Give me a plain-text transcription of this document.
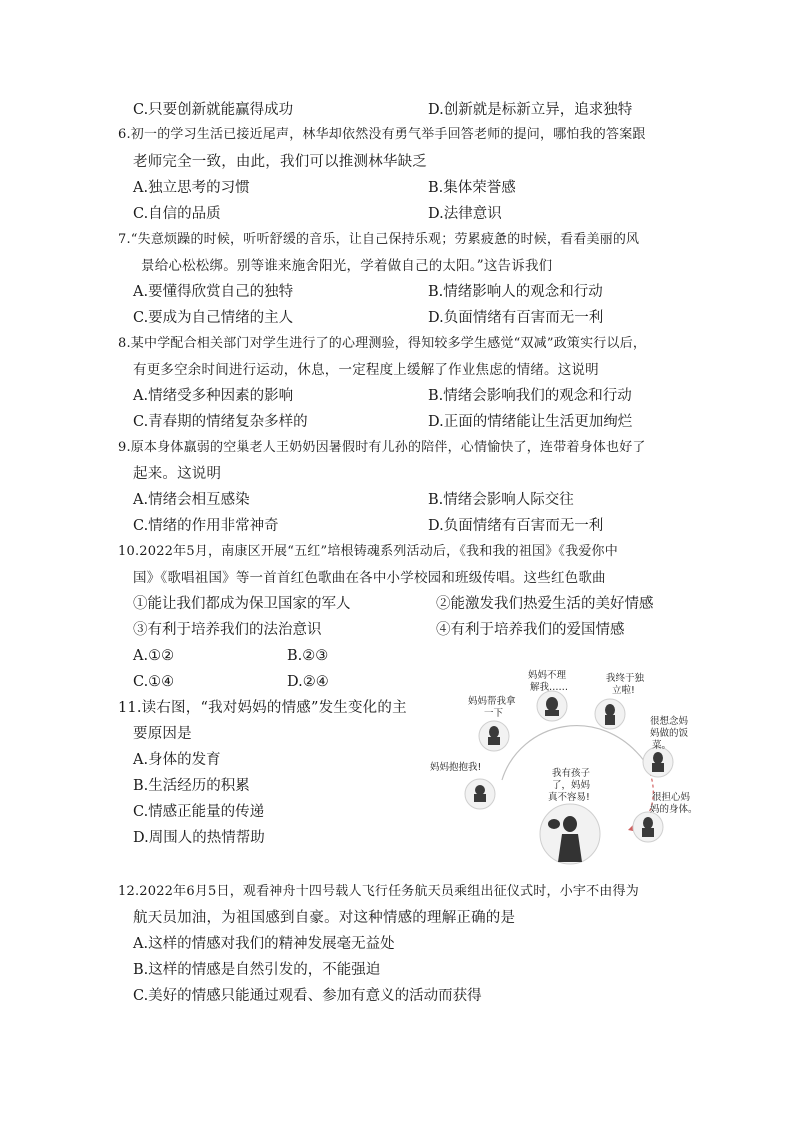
C.只要创新就能赢得成功	D.创新就是标新立异，追求独特
6.初一的学习生活已接近尾声，林华却依然没有勇气举手回答老师的提问，哪怕我的答案跟
老师完全一致，由此，我们可以推测林华缺乏
A.独立思考的习惯	B.集体荣誉感
C.自信的品质	D.法律意识
7.“失意烦躁的时候，听听舒缓的音乐，让自己保持乐观；劳累疲惫的时候，看看美丽的风
景给心松松绑。别等谁来施舍阳光，学着做自己的太阳。”这告诉我们
A.要懂得欣赏自己的独特	B.情绪影响人的观念和行动
C.要成为自己情绪的主人	D.负面情绪有百害而无一利
8.某中学配合相关部门对学生进行了的心理测验，得知较多学生感觉“双减”政策实行以后，
有更多空余时间进行运动，休息，一定程度上缓解了作业焦虑的情绪。这说明
A.情绪受多种因素的影响	B.情绪会影响我们的观念和行动
C.青春期的情绪复杂多样的	D.正面的情绪能让生活更加绚烂
9.原本身体羸弱的空巢老人王奶奶因暑假时有儿孙的陪伴，心情愉快了，连带着身体也好了
起来。这说明
A.情绪会相互感染	B.情绪会影响人际交往
C.情绪的作用非常神奇	D.负面情绪有百害而无一利
10.2022年5月，南康区开展“五红”培根铸魂系列活动后，《我和我的祖国》《我爱你中
国》《歌唱祖国》等一首首红色歌曲在各中小学校园和班级传唱。这些红色歌曲
①能让我们都成为保卫国家的军人	②能激发我们热爱生活的美好情感
③有利于培养我们的法治意识	④有利于培养我们的爱国情感
A.①②	B.②③
C.①④	D.②④
11.读右图，“我对妈妈的情感”发生变化的主
要原因是
A.身体的发育
B.生活经历的积累
C.情感正能量的传递
D.周围人的热情帮助
妈妈不理
解我……
我终于独
立啦!
妈妈帮我拿
一下
很想念妈
妈做的饭
菜。
妈妈抱抱我!
我有孩子
了，妈妈
真不容易!	很担心妈
妈的身体。
12.2022年6月5日，观看神舟十四号载人飞行任务航天员乘组出征仪式时，小宇不由得为
航天员加油，为祖国感到自豪。对这种情感的理解正确的是
A.这样的情感对我们的精神发展毫无益处
B.这样的情感是自然引发的，不能强迫
C.美好的情感只能通过观看、参加有意义的活动而获得
